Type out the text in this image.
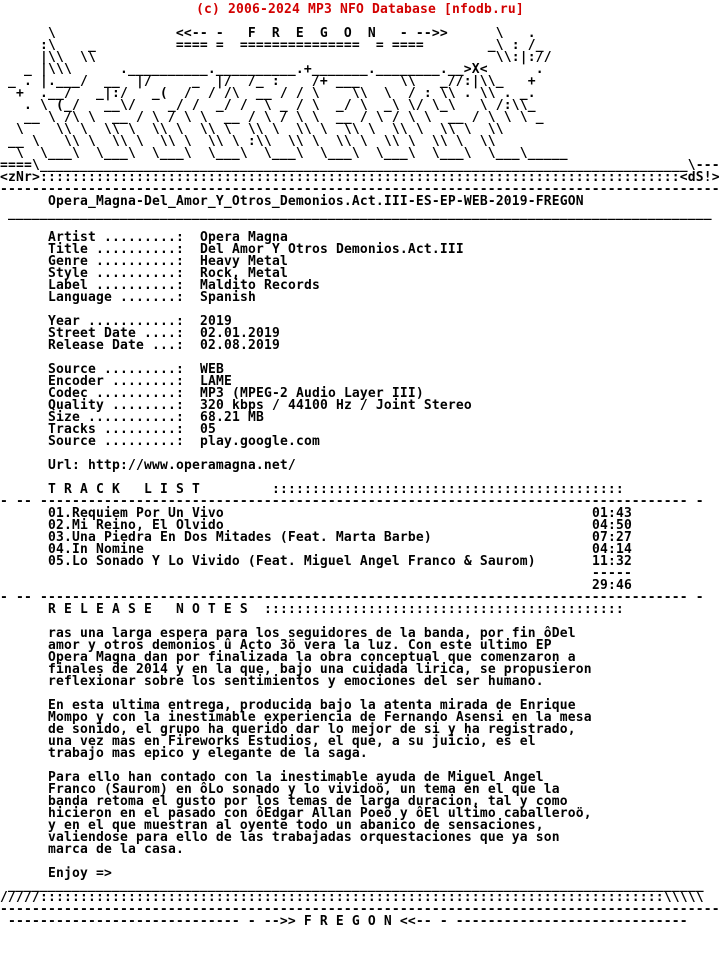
(c) 2006-2024 MP3 NFO Database [nfodb.ru]
\               <<-- -   F  R  E  G  O  N   - -->>      \   .
:\    _          ==== =  ===============  = ====        _\ : /_
|\\  \\                                                  \\:|://
_ |\\\      .__________.__________.+_______.________.__>X<      .
_ . |.___/  __  |/     _  |/  /_ :    /+ ___     \\   _//:|\\_   +
+  .__/   _|:/   _(  /  / /\  __ / / \    \\  \  / : \\ . \\ . _.
. \ (_/   __\/    _/ /  _/ /  \ _ / \  _/ \  _\ \/ \_\   \ /:\\_
__ \ /\ \  __ / \ / \ \  __ / \ / \ \  __ / \ / \ \  __ / \ \ \ _
\    \\ \  \\ \  \\ \  \\ \  \\ \  \\ \  \\ \  \\ \  \\ \  \\
__ \   \\ \  \\ \  \\ \  \\ \ :\\  \\ \  \\ \  \\ \  \\ \  \\
\  \___\  \___\  \___\  \___\  \___\  \___\  \___\  \___\  \___\_____
====\_________________________________________________________________________________\---
<zNr>::::::::::::::::::::::::::::::::::::::::::::::::::::::::::::::::::::::::::::::::<dS!>
------------------------------------------------------------------------------------------
Opera_Magna-Del_Amor_Y_Otros_Demonios.Act.III-ES-EP-WEB-2019-FREGON
________________________________________________________________________________________

Artist .........:

Opera Magna

Title ..........:

Del Amor Y Otros Demonios.Act.III

Genre ..........:

Heavy Metal

Style ..........:

Rock, Metal

Label ..........:

Maldito Records

Language .......:

Spanish

Year ...........:

2019

Street Date ....:

02.01.2019

Release Date ...:

02.08.2019

Source .........:

WEB

Encoder ........:

LAME

Codec ..........:

MP3 (MPEG-2 Audio Layer III)

Quality ........:

320 kbps / 44100 Hz / Joint Stereo

Size ...........:

68.21 MB

Tracks .........:

05

Source .........:

play.google.com

Url: http://www.operamagna.net/

T R A C K   L I S T

	::::::::::::::::::::::::::::::::::::::::::::

- -- --------------------------------------------------------------------------------- -

01.Requiem Por Un Vivo

	01:43

02.Mi Reino, El Olvido

	04:50

03.Una Piedra En Dos Mitades (Feat. Marta Barbe)

	07:27

04.In Nomine

	04:14

05.Lo Sonado Y Lo Vivido (Feat. Miguel Angel Franco & Saurom)

	11:32

-----
29:46
- -- --------------------------------------------------------------------------------- -

R E L E A S E   N O T E S

:::::::::::::::::::::::::::::::::::::::::::::

ras una larga espera para los seguidores de la banda, por fin ôDel

amor y otros demonios û Acto 3ö vera la luz. Con este ultimo EP

Opera Magna dan por finalizada la obra conceptual que comenzaron a

finales de 2014 y en la que, bajo una cuidada lirica, se propusieron

reflexionar sobre los sentimientos y emociones del ser humano.

En esta ultima entrega, producida bajo la atenta mirada de Enrique

Mompo y con la inestimable experiencia de Fernando Asensi en la mesa

de sonido, el grupo ha querido dar lo mejor de si y ha registrado,

una vez mas en Fireworks Estudios, el que, a su juicio, es el

trabajo mas epico y elegante de la saga.

Para ello han contado con la inestimable ayuda de Miguel Angel

Franco (Saurom) en ôLo sonado y lo vividoö, un tema en el que la

banda retoma el gusto por los temas de larga duracion, tal y como

hicieron en el pasado con ôEdgar Allan Poeö y ôEl ultimo caballeroö,

y en el que muestran al oyente todo un abanico de sensaciones,

valiendose para ello de las trabajadas orquestaciones que ya son

marca de la casa.

Enjoy =>
_______________________________________________________________________________________
/////::::::::::::::::::::::::::::::::::::::::::::::::::::::::::::::::::::::::::::::\\\\\
------------------------------------------------------------------------------------------
----------------------------- - -->> F R E G O N <<-- - -----------------------------
